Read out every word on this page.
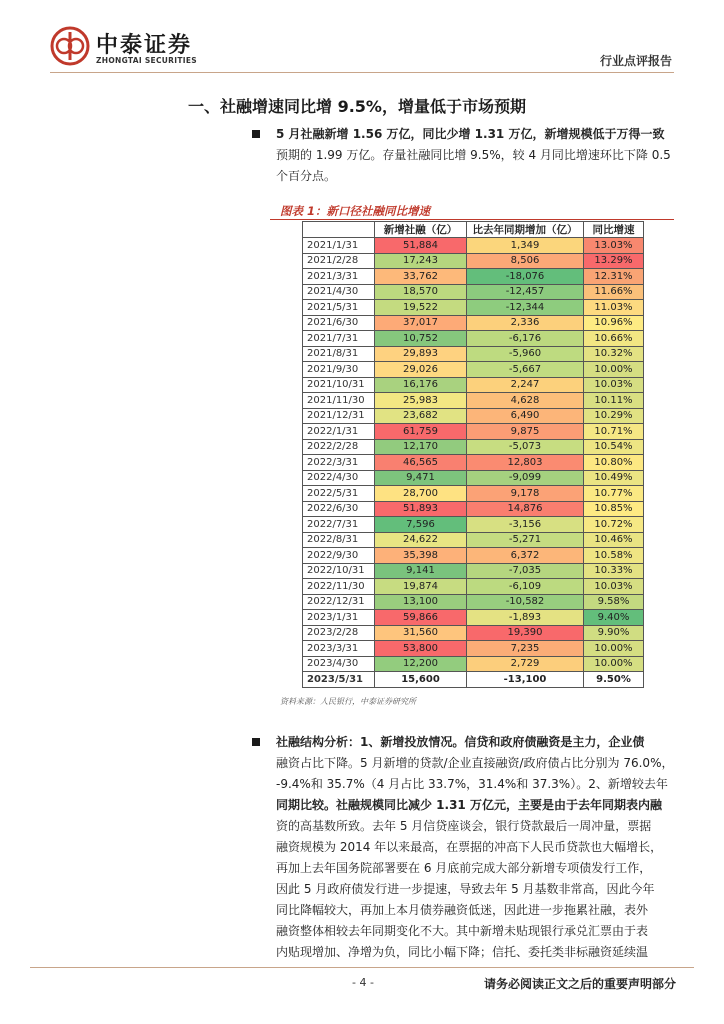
中泰证券
ZHONGTAI SECURITIES	行业点评报告
一、社融增速同比增 9.5%，增量低于市场预期
5 月社融新增 1.56 万亿，同比少增 1.31 万亿，新增规模低于万得一致
预期的 1.99 万亿。存量社融同比增 9.5%，较 4 月同比增速环比下降 0.5
个百分点。
图表 1：新口径社融同比增速
	新增社融（亿）	比去年同期增加（亿）	同比增速
2021/1/31	51,884	1,349	13.03%
2021/2/28	17,243	8,506	13.29%
2021/3/31	33,762	-18,076	12.31%
2021/4/30	18,570	-12,457	11.66%
2021/5/31	19,522	-12,344	11.03%
2021/6/30	37,017	2,336	10.96%
2021/7/31	10,752	-6,176	10.66%
2021/8/31	29,893	-5,960	10.32%
2021/9/30	29,026	-5,667	10.00%
2021/10/31	16,176	2,247	10.03%
2021/11/30	25,983	4,628	10.11%
2021/12/31	23,682	6,490	10.29%
2022/1/31	61,759	9,875	10.71%
2022/2/28	12,170	-5,073	10.54%
2022/3/31	46,565	12,803	10.80%
2022/4/30	9,471	-9,099	10.49%
2022/5/31	28,700	9,178	10.77%
2022/6/30	51,893	14,876	10.85%
2022/7/31	7,596	-3,156	10.72%
2022/8/31	24,622	-5,271	10.46%
2022/9/30	35,398	6,372	10.58%
2022/10/31	9,141	-7,035	10.33%
2022/11/30	19,874	-6,109	10.03%
2022/12/31	13,100	-10,582	9.58%
2023/1/31	59,866	-1,893	9.40%
2023/2/28	31,560	19,390	9.90%
2023/3/31	53,800	7,235	10.00%
2023/4/30	12,200	2,729	10.00%
2023/5/31	15,600	-13,100	9.50%
资料来源：人民银行，中泰证券研究所
社融结构分析：1、新增投放情况。信贷和政府债融资是主力，企业债
融资占比下降。5 月新增的贷款/企业直接融资/政府债占比分别为 76.0%，
-9.4%和 35.7%（4 月占比 33.7%，31.4%和 37.3%）。2、新增较去年
同期比较。社融规模同比减少 1.31 万亿元，主要是由于去年同期表内融
资的高基数所致。去年 5 月信贷座谈会，银行贷款最后一周冲量，票据
融资规模为 2014 年以来最高，在票据的冲高下人民币贷款也大幅增长，
再加上去年国务院部署要在 6 月底前完成大部分新增专项债发行工作，
因此 5 月政府债发行进一步提速，导致去年 5 月基数非常高，因此今年
同比降幅较大，再加上本月债券融资低迷，因此进一步拖累社融，表外
融资整体相较去年同期变化不大。其中新增未贴现银行承兑汇票由于表
内贴现增加、净增为负，同比小幅下降；信托、委托类非标融资延续温
- 4 -	请务必阅读正文之后的重要声明部分
